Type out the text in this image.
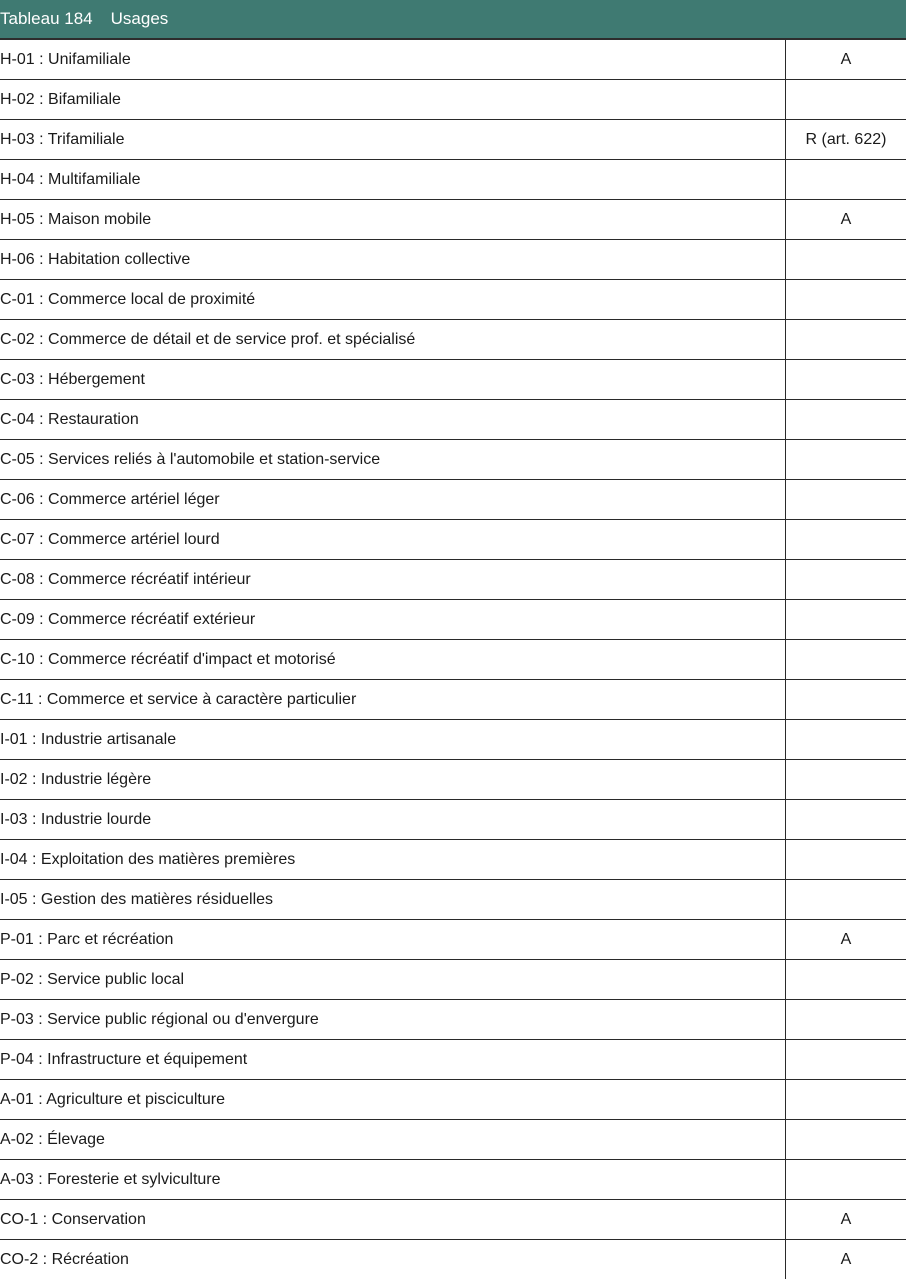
Tableau 184 Usages
H-01 : Unifamiliale	A
H-02 : Bifamiliale
H-03 : Trifamiliale	R (art. 622)
H-04 : Multifamiliale
H-05 : Maison mobile	A
H-06 : Habitation collective
C-01 : Commerce local de proximité
C-02 : Commerce de détail et de service prof. et spécialisé
C-03 : Hébergement
C-04 : Restauration
C-05 : Services reliés à l'automobile et station-service
C-06 : Commerce artériel léger
C-07 : Commerce artériel lourd
C-08 : Commerce récréatif intérieur
C-09 : Commerce récréatif extérieur
C-10 : Commerce récréatif d'impact et motorisé
C-11 : Commerce et service à caractère particulier
I-01 : Industrie artisanale
I-02 : Industrie légère
I-03 : Industrie lourde
I-04 : Exploitation des matières premières
I-05 : Gestion des matières résiduelles
P-01 : Parc et récréation	A
P-02 : Service public local
P-03 : Service public régional ou d'envergure
P-04 : Infrastructure et équipement
A-01 : Agriculture et pisciculture
A-02 : Élevage
A-03 : Foresterie et sylviculture
CO-1 : Conservation	A
CO-2 : Récréation	A
